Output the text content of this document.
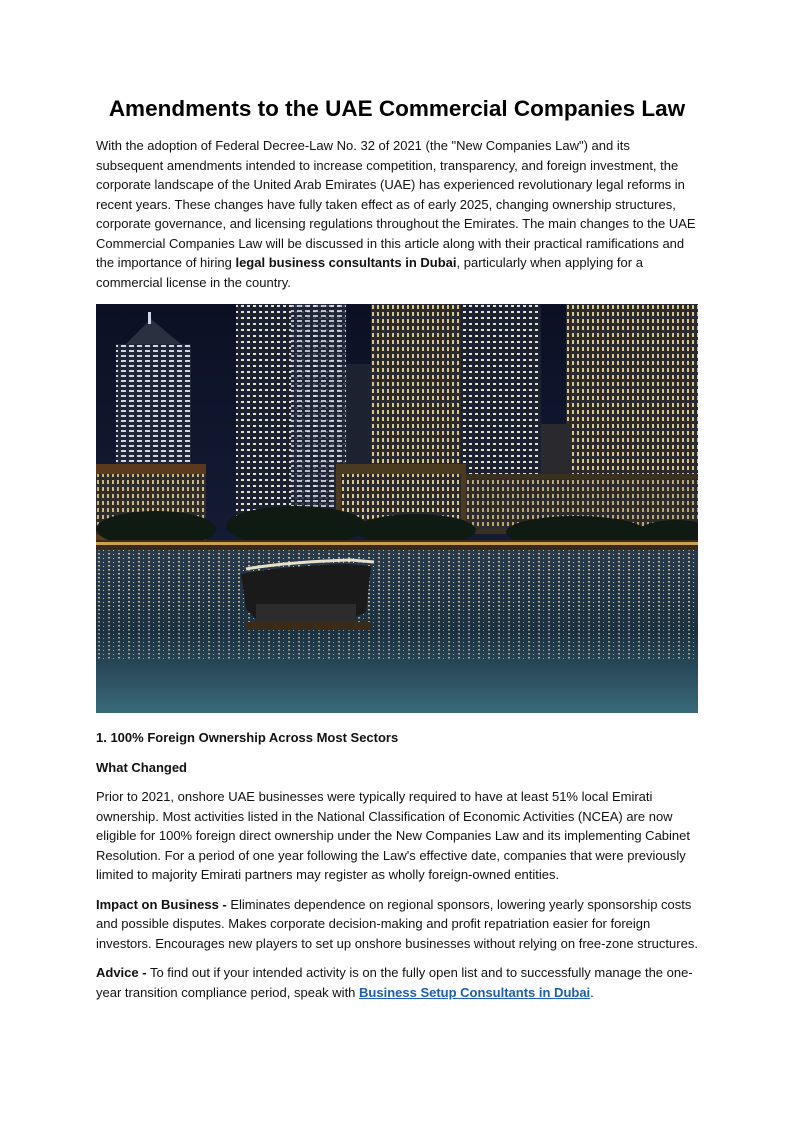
Amendments to the UAE Commercial Companies Law

With the adoption of Federal Decree-Law No. 32 of 2021 (the "New Companies Law") and its subsequent amendments intended to increase competition, transparency, and foreign investment, the corporate landscape of the United Arab Emirates (UAE) has experienced revolutionary legal reforms in recent years. These changes have fully taken effect as of early 2025, changing ownership structures, corporate governance, and licensing regulations throughout the Emirates. The main changes to the UAE Commercial Companies Law will be discussed in this article along with their practical ramifications and the importance of hiring legal business consultants in Dubai, particularly when applying for a commercial license in the country.

1. 100% Foreign Ownership Across Most Sectors

What Changed

Prior to 2021, onshore UAE businesses were typically required to have at least 51% local Emirati ownership. Most activities listed in the National Classification of Economic Activities (NCEA) are now eligible for 100% foreign direct ownership under the New Companies Law and its implementing Cabinet Resolution. For a period of one year following the Law's effective date, companies that were previously limited to majority Emirati partners may register as wholly foreign-owned entities.

Impact on Business - Eliminates dependence on regional sponsors, lowering yearly sponsorship costs and possible disputes. Makes corporate decision-making and profit repatriation easier for foreign investors. Encourages new players to set up onshore businesses without relying on free-zone structures.

Advice - To find out if your intended activity is on the fully open list and to successfully manage the one-year transition compliance period, speak with Business Setup Consultants in Dubai.
